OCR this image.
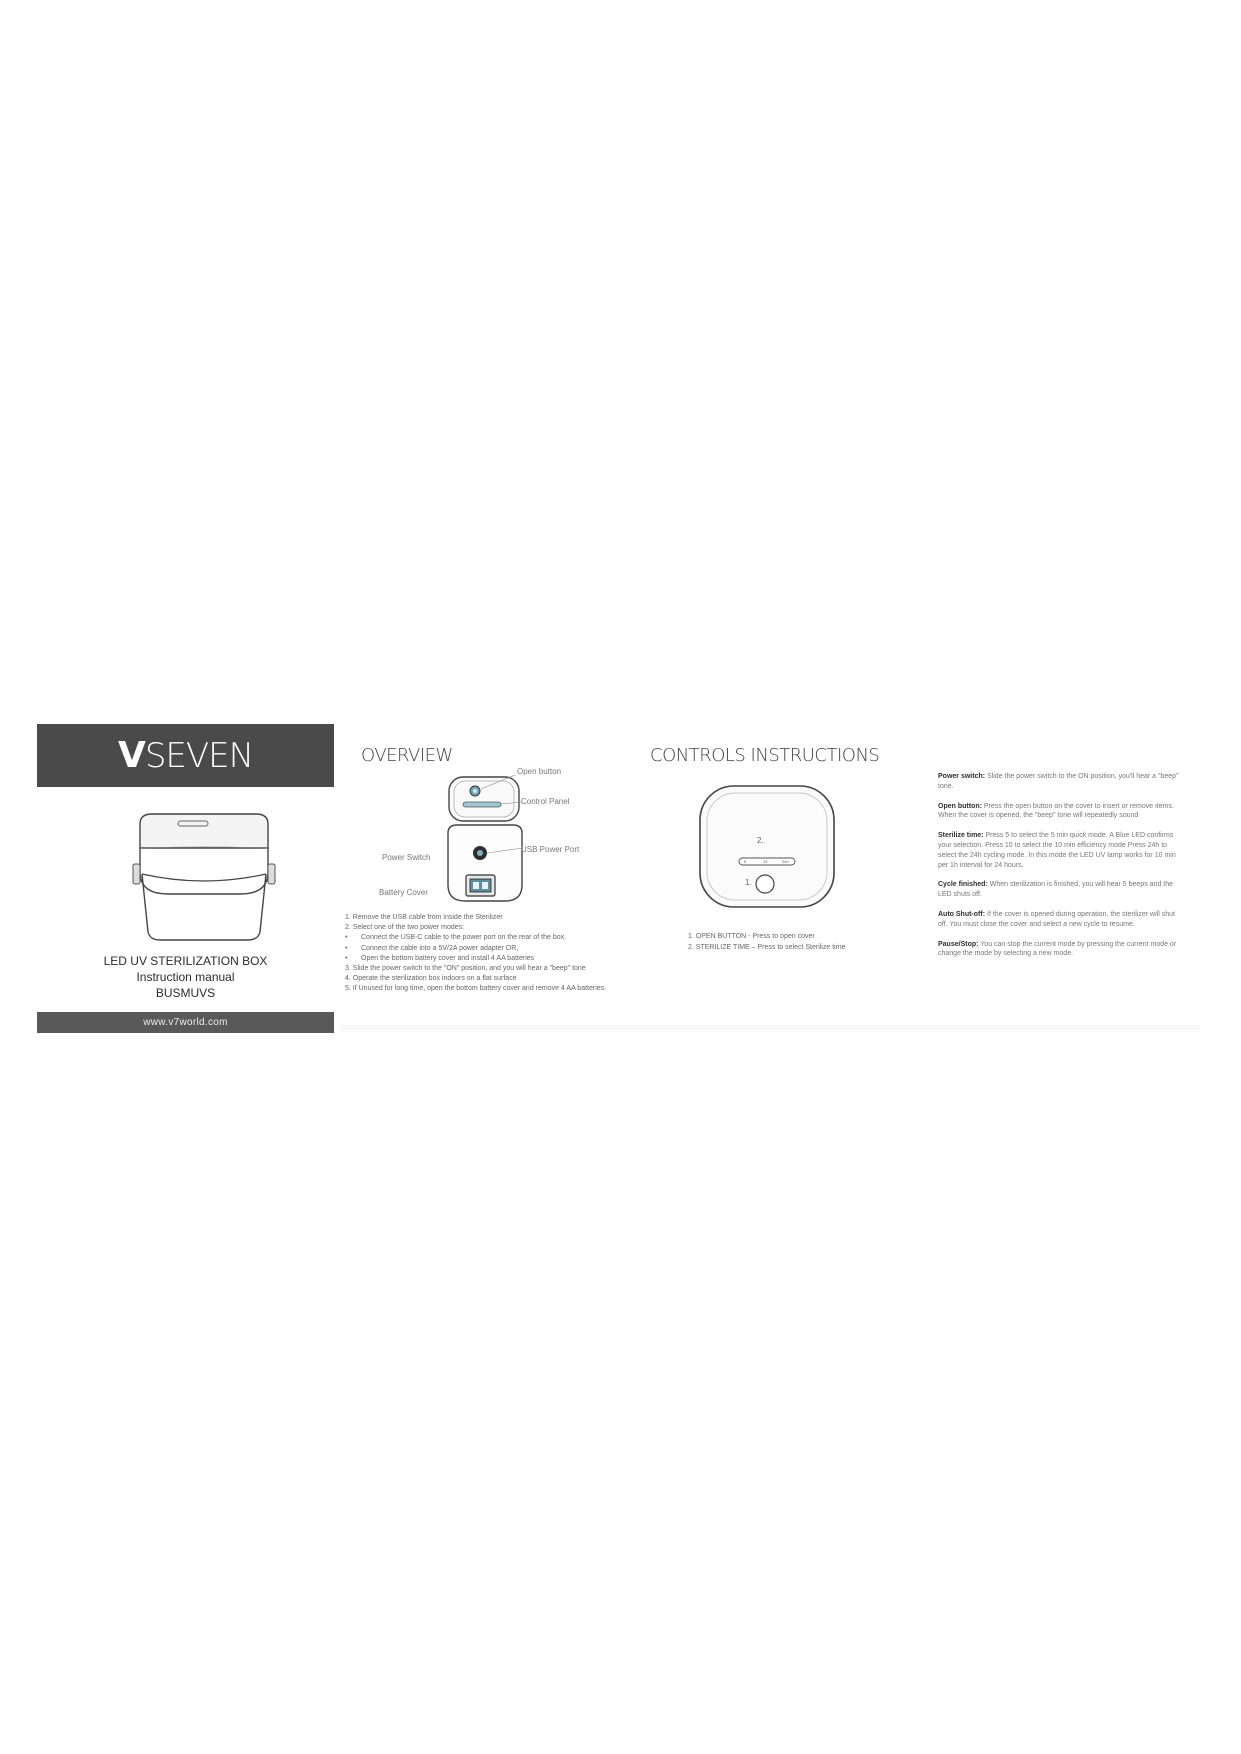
VSEVEN
LED UV STERILIZATION BOX
Instruction manual
BUSMUVS
www.v7world.com
OVERVIEW
Open button
Control Panel
USB Power Port
Power Switch
Battery Cover
1. Remove the USB cable from inside the Sterilizer
2. Select one of the two power modes:
• Connect the USB-C cable to the power port on the rear of the box.
• Connect the cable into a 5V/2A power adapter OR,
• Open the bottom battery cover and install 4 AA batteries
3. Slide the power switch to the "ON" position, and you will hear a "beep" tone
4. Operate the sterilization box indoors on a flat surface
5. If Unused for long time, open the bottom battery cover and remove 4 AA batteries.
CONTROLS INSTRUCTIONS
2.
1.
5	10	24h
1. OPEN BUTTON - Press to open cover
2. STERILIZE TIME – Press to select Sterilize time
Power switch: Slide the power switch to the ON position, you'll hear a "beep" tone.
Open button: Press the open button on the cover to insert or remove items. When the cover is opened, the "beep" tone will repeatedly sound
Sterilize time: Press 5 to select the 5 min quick mode. A Blue LED confirms your selection. Press 10 to select the 10 min efficiency mode Press 24h to select the 24h cycling mode. In this mode the LED UV lamp works for 10 min per 1h interval for 24 hours.
Cycle finished: When sterilization is finished, you will hear 5 beeps and the LED shuts off.
Auto Shut-off: If the cover is opened during operation, the sterilizer will shut off. You must close the cover and select a new cycle to resume.
Pause/Stop: You can stop the current mode by pressing the current mode or change the mode by selecting a new mode.
